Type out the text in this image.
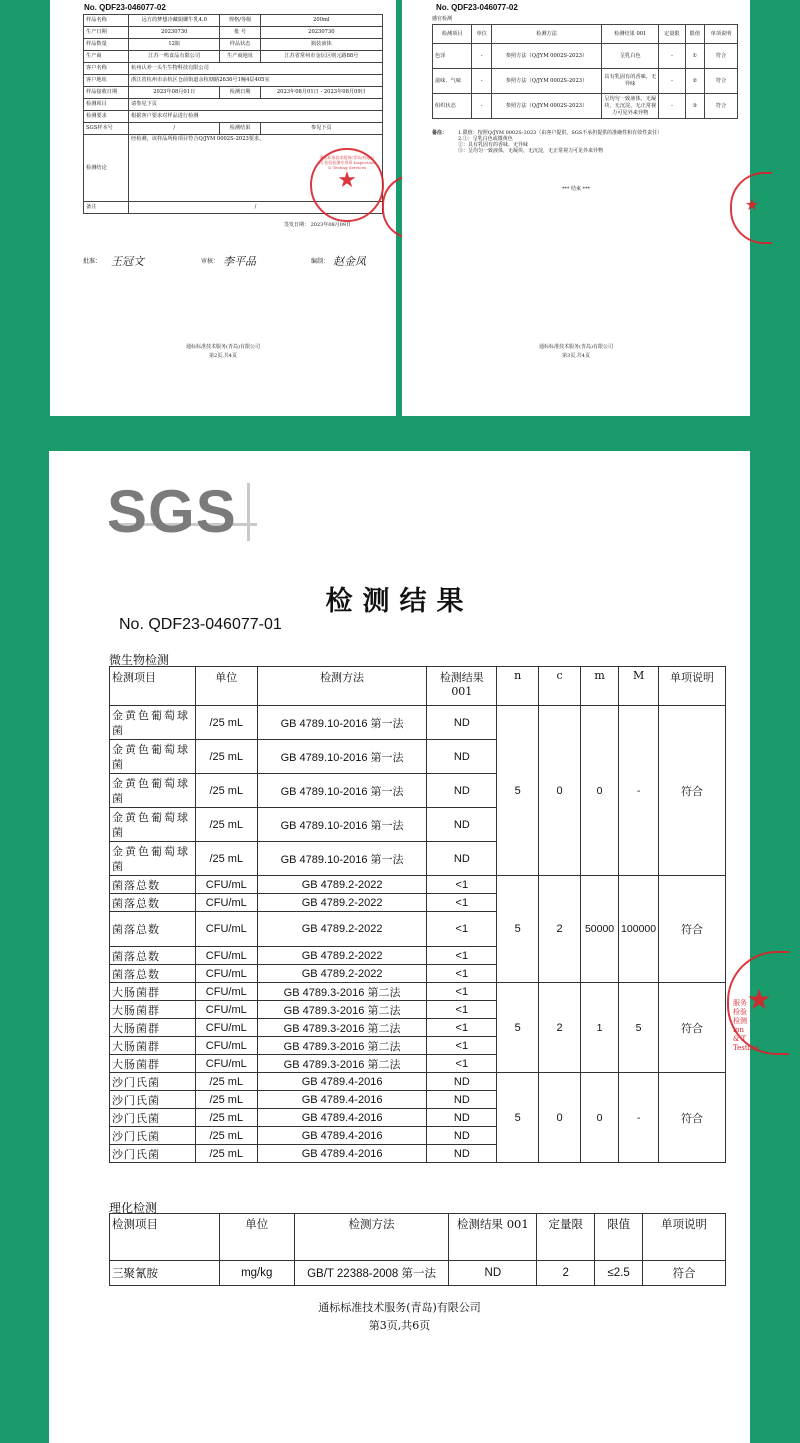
No. QDF23-046077-02
样品名称	远方的梦想冷藏娟姗牛乳4.0	规格/等级	200ml
生产日期	20230730	批 号	20230730
样品数量	12瓶	样品状态	瓶装液体
生产商	江苏一鸣食品有限公司	生产商地址	江苏省常州市金坛区则元路88号
客户名称	杭州认养一头牛生物科技有限公司		
客户地址	浙江省杭州市余杭区仓前街道余杭塘路2636号1幢4层405室		
样品接收日期	2023年08月01日	检测日期	2023年08月01日 - 2023年08月09日
检测项目	请参见下页		
检测要求	根据客户要求对样品进行检测		
SGS样本号	/	检测结果	参见下页
检测结论	经检测，该样品所检项目符合Q/JYM 0002S-2023要求。		
备注	/		
通标标准技术服务(青岛)有限公司 检验检测专用章 Inspection & Testing Services
★
签发日期： 2023年08月09日
批准： 王冠文	审核： 李平品	编制： 赵金凤
通标标准技术服务(青岛)有限公司
第2页,共4页
No. QDF23-046077-02
感官检测
检测项目	单位	检测方法	检测结果 001	定量限	限值	单项说明
色泽	-	参照方法（Q/JYM 0002S-2023）	呈乳白色	-	①	符合
滋味、气味	-	参照方法（Q/JYM 0002S-2023）	具有乳固有的香味，无异味	-	②	符合
组织状态	-	参照方法（Q/JYM 0002S-2023）	呈均匀一致液体，无凝块、无沉淀，无正常视力可见外来异物	-	③	符合
备注：	1.限值：按照Q/JYM 0002S-2023（由客户提供，SGS不承担提供的准确性和有效性责任）
2.①：呈乳白色或微黄色
②：具有乳固有的香味，无异味
③：呈均匀一致液体，无凝块、无沉淀，无正常视力可见外来异物
*** 结束 ***
★
通标标准技术服务(青岛)有限公司
第3页,共4页
SGS
检测结果
No. QDF23-046077-01
微生物检测
检测项目	单位	检测方法	检测结果 001	n	c	m	M	单项说明
金黄色葡萄球菌	/25 mL	GB 4789.10-2016 第一法	ND	5	0	0	-	符合
金黄色葡萄球菌	/25 mL	GB 4789.10-2016 第一法	ND					
金黄色葡萄球菌	/25 mL	GB 4789.10-2016 第一法	ND					
金黄色葡萄球菌	/25 mL	GB 4789.10-2016 第一法	ND					
金黄色葡萄球菌	/25 mL	GB 4789.10-2016 第一法	ND					
菌落总数	CFU/mL	GB 4789.2-2022	<1	5	2	50000	100000	符合
菌落总数	CFU/mL	GB 4789.2-2022	<1					
菌落总数	CFU/mL	GB 4789.2-2022	<1					
菌落总数	CFU/mL	GB 4789.2-2022	<1					
菌落总数	CFU/mL	GB 4789.2-2022	<1					
大肠菌群	CFU/mL	GB 4789.3-2016 第二法	<1	5	2	1	5	符合
大肠菌群	CFU/mL	GB 4789.3-2016 第二法	<1					
大肠菌群	CFU/mL	GB 4789.3-2016 第二法	<1					
大肠菌群	CFU/mL	GB 4789.3-2016 第二法	<1					
大肠菌群	CFU/mL	GB 4789.3-2016 第二法	<1					
沙门氏菌	/25 mL	GB 4789.4-2016	ND	5	0	0	-	符合
沙门氏菌	/25 mL	GB 4789.4-2016	ND					
沙门氏菌	/25 mL	GB 4789.4-2016	ND					
沙门氏菌	/25 mL	GB 4789.4-2016	ND					
沙门氏菌	/25 mL	GB 4789.4-2016	ND					
★
服务 检验检测 ion & T Testing
理化检测
检测项目	单位	检测方法	检测结果 001	定量限	限值	单项说明
三聚氰胺	mg/kg	GB/T 22388-2008 第一法	ND	2	≤2.5	符合
通标标准技术服务(青岛)有限公司
第3页,共6页
